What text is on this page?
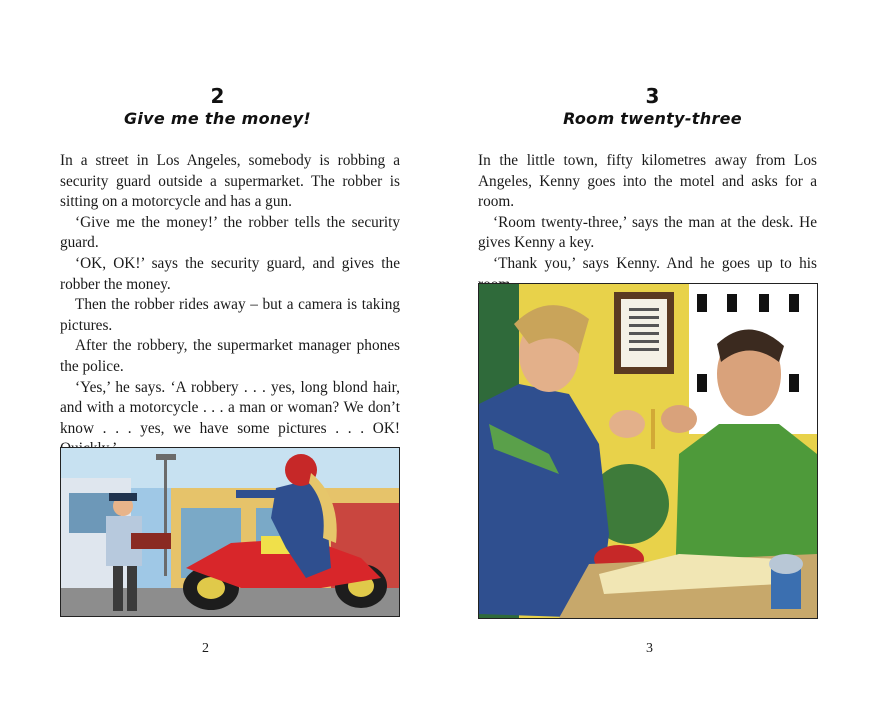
2
Give me the money!

In a street in Los Angeles, somebody is robbing a security guard outside a supermarket. The robber is sitting on a motorcycle and has a gun.

‘Give me the money!’ the robber tells the security guard.

‘OK, OK!’ says the security guard, and gives the robber the money.

Then the robber rides away – but a camera is taking pictures.

After the robbery, the supermarket manager phones the police.

‘Yes,’ he says. ‘A robbery . . . yes, long blond hair, and with a motorcycle . . . a man or woman? We don’t know . . . yes, we have some pictures . . . OK!

2
3
Room twenty-three

In the little town, fifty kilometres away from Los Angeles, Kenny goes into the motel and asks for a room.

‘Room twenty-three,’ says the man at the desk. He gives Kenny a key.

‘Thank you,’ says Kenny. And he goes up to his

3
